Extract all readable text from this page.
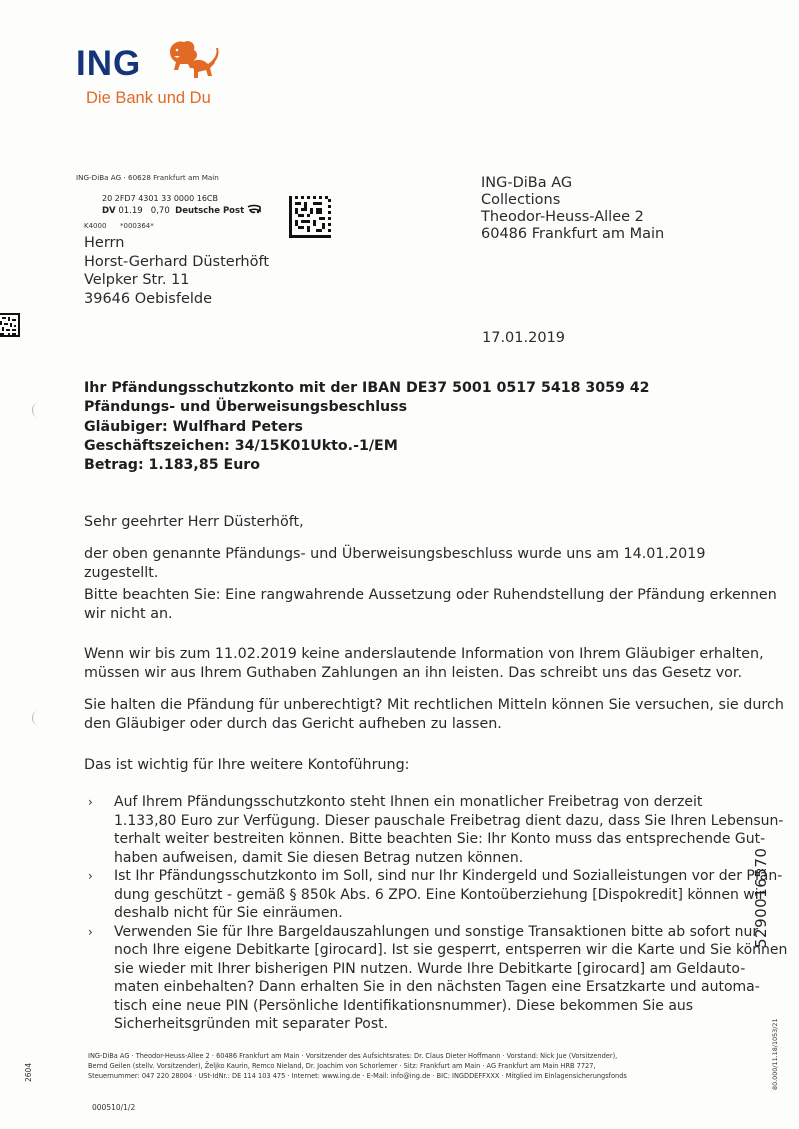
ING
Die Bank und Du
ING-DiBa AG · 60628 Frankfurt am Main
20 2FD7 4301 33 0000 16CB
DV 01.19 0,70 Deutsche Post
K4000 *000364*
Herrn
Horst-Gerhard Düsterhöft
Velpker Str. 11
39646 Oebisfelde
ING-DiBa AG
Collections
Theodor-Heuss-Allee 2
60486 Frankfurt am Main
17.01.2019
Ihr Pfändungsschutzkonto mit der IBAN DE37 5001 0517 5418 3059 42
Pfändungs- und Überweisungsbeschluss
Gläubiger: Wulfhard Peters
Geschäftszeichen: 34/15K01Ukto.-1/EM
Betrag: 1.183,85 Euro
Sehr geehrter Herr Düsterhöft,
der oben genannte Pfändungs- und Überweisungsbeschluss wurde uns am 14.01.2019 zugestellt.
Bitte beachten Sie: Eine rangwahrende Aussetzung oder Ruhendstellung der Pfändung erkennen
wir nicht an.
Wenn wir bis zum 11.02.2019 keine anderslautende Information von Ihrem Gläubiger erhalten,
müssen wir aus Ihrem Guthaben Zahlungen an ihn leisten. Das schreibt uns das Gesetz vor.
Sie halten die Pfändung für unberechtigt? Mit rechtlichen Mitteln können Sie versuchen, sie durch
den Gläubiger oder durch das Gericht aufheben zu lassen.
Das ist wichtig für Ihre weitere Kontoführung:
› Auf Ihrem Pfändungsschutzkonto steht Ihnen ein monatlicher Freibetrag von derzeit
1.133,80 Euro zur Verfügung. Dieser pauschale Freibetrag dient dazu, dass Sie Ihren Lebensun-
terhalt weiter bestreiten können. Bitte beachten Sie: Ihr Konto muss das entsprechende Gut-
haben aufweisen, damit Sie diesen Betrag nutzen können.
› Ist Ihr Pfändungsschutzkonto im Soll, sind nur Ihr Kindergeld und Sozialleistungen vor der Pfän-
dung geschützt - gemäß § 850k Abs. 6 ZPO. Eine Kontoüberziehung [Dispokredit] können wir
deshalb nicht für Sie einräumen.
› Verwenden Sie für Ihre Bargeldauszahlungen und sonstige Transaktionen bitte ab sofort nur
noch Ihre eigene Debitkarte [girocard]. Ist sie gesperrt, entsperren wir die Karte und Sie können
sie wieder mit Ihrer bisherigen PIN nutzen. Wurde Ihre Debitkarte [girocard] am Geldauto-
maten einbehalten? Dann erhalten Sie in den nächsten Tagen eine Ersatzkarte und automa-
tisch eine neue PIN (Persönliche Identifikationsnummer). Diese bekommen Sie aus
Sicherheitsgründen mit separater Post.
ING-DiBa AG · Theodor-Heuss-Allee 2 · 60486 Frankfurt am Main · Vorsitzender des Aufsichtsrates: Dr. Claus Dieter Hoffmann · Vorstand: Nick Jue (Vorsitzender),
Bernd Geilen (stellv. Vorsitzender), Željko Kaurin, Remco Nieland, Dr. Joachim von Schorlemer · Sitz: Frankfurt am Main · AG Frankfurt am Main HRB 7727,
Steuernummer: 047 220 28004 · USt-IdNr.: DE 114 103 475 · Internet: www.ing.de · E-Mail: info@ing.de · BIC: INGDDEFFXXX · Mitglied im Einlagensicherungsfonds
000510/1/2
2604
5290016570
80.000/11.18/1053/21
